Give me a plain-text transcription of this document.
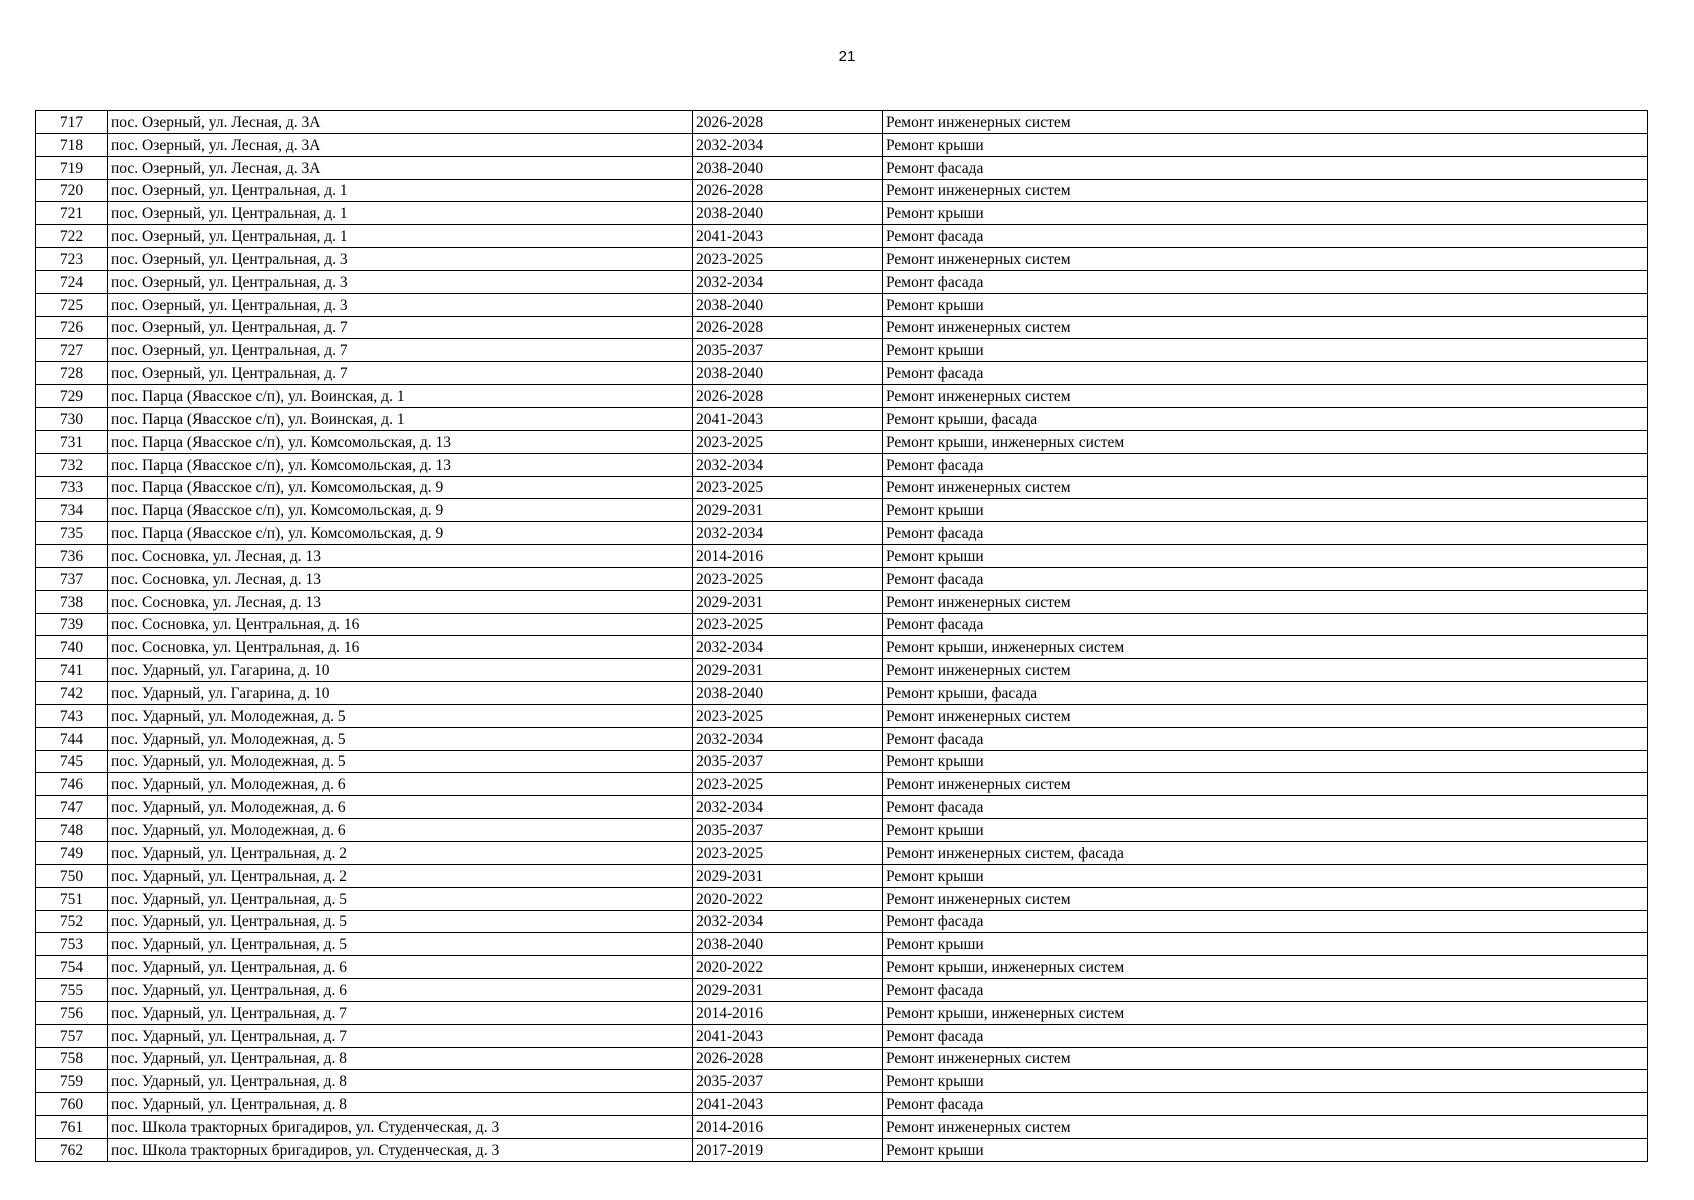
21
717	пос. Озерный, ул. Лесная, д. 3А	2026-2028	Ремонт инженерных систем
718	пос. Озерный, ул. Лесная, д. 3А	2032-2034	Ремонт крыши
719	пос. Озерный, ул. Лесная, д. 3А	2038-2040	Ремонт фасада
720	пос. Озерный, ул. Центральная, д. 1	2026-2028	Ремонт инженерных систем
721	пос. Озерный, ул. Центральная, д. 1	2038-2040	Ремонт крыши
722	пос. Озерный, ул. Центральная, д. 1	2041-2043	Ремонт фасада
723	пос. Озерный, ул. Центральная, д. 3	2023-2025	Ремонт инженерных систем
724	пос. Озерный, ул. Центральная, д. 3	2032-2034	Ремонт фасада
725	пос. Озерный, ул. Центральная, д. 3	2038-2040	Ремонт крыши
726	пос. Озерный, ул. Центральная, д. 7	2026-2028	Ремонт инженерных систем
727	пос. Озерный, ул. Центральная, д. 7	2035-2037	Ремонт крыши
728	пос. Озерный, ул. Центральная, д. 7	2038-2040	Ремонт фасада
729	пос. Парца (Явасское с/п), ул. Воинская, д. 1	2026-2028	Ремонт инженерных систем
730	пос. Парца (Явасское с/п), ул. Воинская, д. 1	2041-2043	Ремонт крыши, фасада
731	пос. Парца (Явасское с/п), ул. Комсомольская, д. 13	2023-2025	Ремонт крыши, инженерных систем
732	пос. Парца (Явасское с/п), ул. Комсомольская, д. 13	2032-2034	Ремонт фасада
733	пос. Парца (Явасское с/п), ул. Комсомольская, д. 9	2023-2025	Ремонт инженерных систем
734	пос. Парца (Явасское с/п), ул. Комсомольская, д. 9	2029-2031	Ремонт крыши
735	пос. Парца (Явасское с/п), ул. Комсомольская, д. 9	2032-2034	Ремонт фасада
736	пос. Сосновка, ул. Лесная, д. 13	2014-2016	Ремонт крыши
737	пос. Сосновка, ул. Лесная, д. 13	2023-2025	Ремонт фасада
738	пос. Сосновка, ул. Лесная, д. 13	2029-2031	Ремонт инженерных систем
739	пос. Сосновка, ул. Центральная, д. 16	2023-2025	Ремонт фасада
740	пос. Сосновка, ул. Центральная, д. 16	2032-2034	Ремонт крыши, инженерных систем
741	пос. Ударный, ул. Гагарина, д. 10	2029-2031	Ремонт инженерных систем
742	пос. Ударный, ул. Гагарина, д. 10	2038-2040	Ремонт крыши, фасада
743	пос. Ударный, ул. Молодежная, д. 5	2023-2025	Ремонт инженерных систем
744	пос. Ударный, ул. Молодежная, д. 5	2032-2034	Ремонт фасада
745	пос. Ударный, ул. Молодежная, д. 5	2035-2037	Ремонт крыши
746	пос. Ударный, ул. Молодежная, д. 6	2023-2025	Ремонт инженерных систем
747	пос. Ударный, ул. Молодежная, д. 6	2032-2034	Ремонт фасада
748	пос. Ударный, ул. Молодежная, д. 6	2035-2037	Ремонт крыши
749	пос. Ударный, ул. Центральная, д. 2	2023-2025	Ремонт инженерных систем, фасада
750	пос. Ударный, ул. Центральная, д. 2	2029-2031	Ремонт крыши
751	пос. Ударный, ул. Центральная, д. 5	2020-2022	Ремонт инженерных систем
752	пос. Ударный, ул. Центральная, д. 5	2032-2034	Ремонт фасада
753	пос. Ударный, ул. Центральная, д. 5	2038-2040	Ремонт крыши
754	пос. Ударный, ул. Центральная, д. 6	2020-2022	Ремонт крыши, инженерных систем
755	пос. Ударный, ул. Центральная, д. 6	2029-2031	Ремонт фасада
756	пос. Ударный, ул. Центральная, д. 7	2014-2016	Ремонт крыши, инженерных систем
757	пос. Ударный, ул. Центральная, д. 7	2041-2043	Ремонт фасада
758	пос. Ударный, ул. Центральная, д. 8	2026-2028	Ремонт инженерных систем
759	пос. Ударный, ул. Центральная, д. 8	2035-2037	Ремонт крыши
760	пос. Ударный, ул. Центральная, д. 8	2041-2043	Ремонт фасада
761	пос. Школа тракторных бригадиров, ул. Студенческая, д. 3	2014-2016	Ремонт инженерных систем
762	пос. Школа тракторных бригадиров, ул. Студенческая, д. 3	2017-2019	Ремонт крыши
